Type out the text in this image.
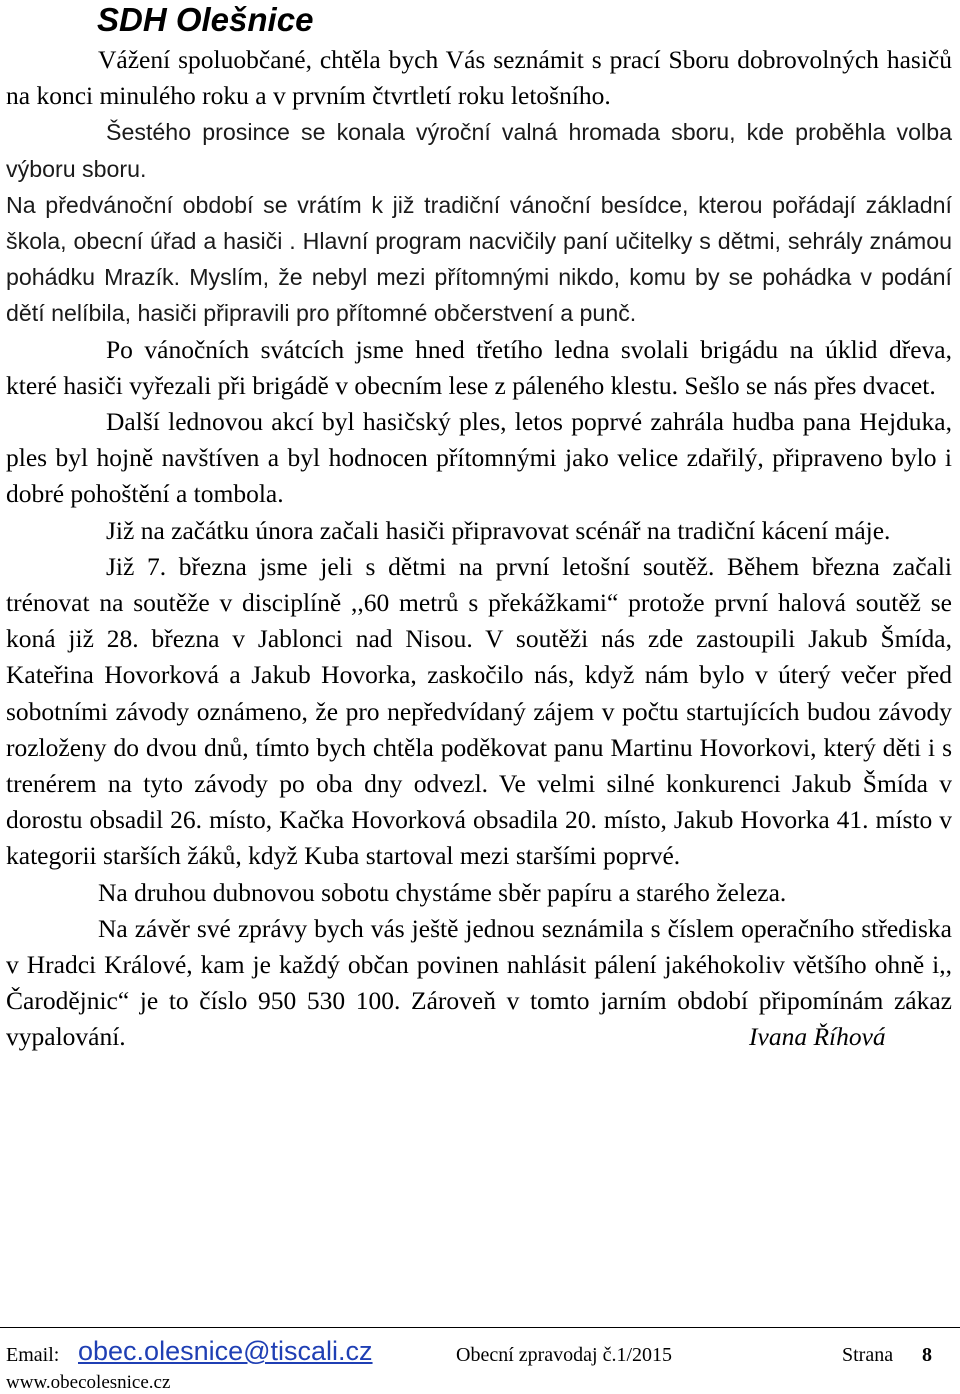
SDH Olešnice

Vážení spoluobčané, chtěla bych Vás seznámit s prací Sboru dobrovolných hasičů na konci minulého roku a v prvním čtvrtletí roku letošního.

Šestého prosince se konala výroční valná hromada sboru, kde proběhla volba výboru sboru.

Na předvánoční období se vrátím k již tradiční vánoční besídce, kterou pořádají základní škola, obecní úřad a hasiči . Hlavní program nacvičily paní učitelky s dětmi, sehrály známou pohádku Mrazík. Myslím, že nebyl mezi přítomnými nikdo, komu by se pohádka v podání dětí nelíbila, hasiči připravili pro přítomné občerstvení a punč.

Po vánočních svátcích jsme hned třetího ledna svolali brigádu na úklid dřeva, které hasiči vyřezali při brigádě v obecním lese z páleného klestu. Sešlo se nás přes dvacet.

Další lednovou akcí byl hasičský ples, letos poprvé zahrála hudba pana Hejduka, ples byl hojně navštíven a byl hodnocen přítomnými jako velice zdařilý, připraveno bylo i dobré pohoštění a tombola.

Již na začátku února začali hasiči připravovat scénář na tradiční kácení máje.

Již 7. března jsme jeli s dětmi na první letošní soutěž. Během března začali trénovat na soutěže v disciplíně ,,60 metrů s překážkami“ protože první halová soutěž se koná již 28. března v Jablonci nad Nisou. V soutěži nás zde zastoupili Jakub Šmída, Kateřina Hovorková a Jakub Hovorka, zaskočilo nás, když nám bylo v úterý večer před sobotními závody oznámeno, že pro nepředvídaný zájem v počtu startujících budou závody rozloženy do dvou dnů, tímto bych chtěla poděkovat panu Martinu Hovorkovi, který děti i s trenérem na tyto závody po oba dny odvezl. Ve velmi silné konkurenci Jakub Šmída v dorostu obsadil 26. místo, Kačka Hovorková obsadila 20. místo, Jakub Hovorka 41. místo v kategorii starších žáků, když Kuba startoval mezi staršími poprvé.

Na druhou dubnovou sobotu chystáme sběr papíru a starého železa.

Na závěr své zprávy bych vás ještě jednou seznámila s číslem operačního střediska v Hradci Králové, kam je každý občan povinen nahlásit pálení jakéhokoliv většího ohně i,, Čarodějnic“ je to číslo 950 530 100. Zároveň v tomto jarním období připomínám zákaz vypalování.	Ivana Říhová

Email: obec.olesnice@tiscali.cz	Obecní zpravodaj č.1/2015	Strana 8
www.obecolesnice.cz
